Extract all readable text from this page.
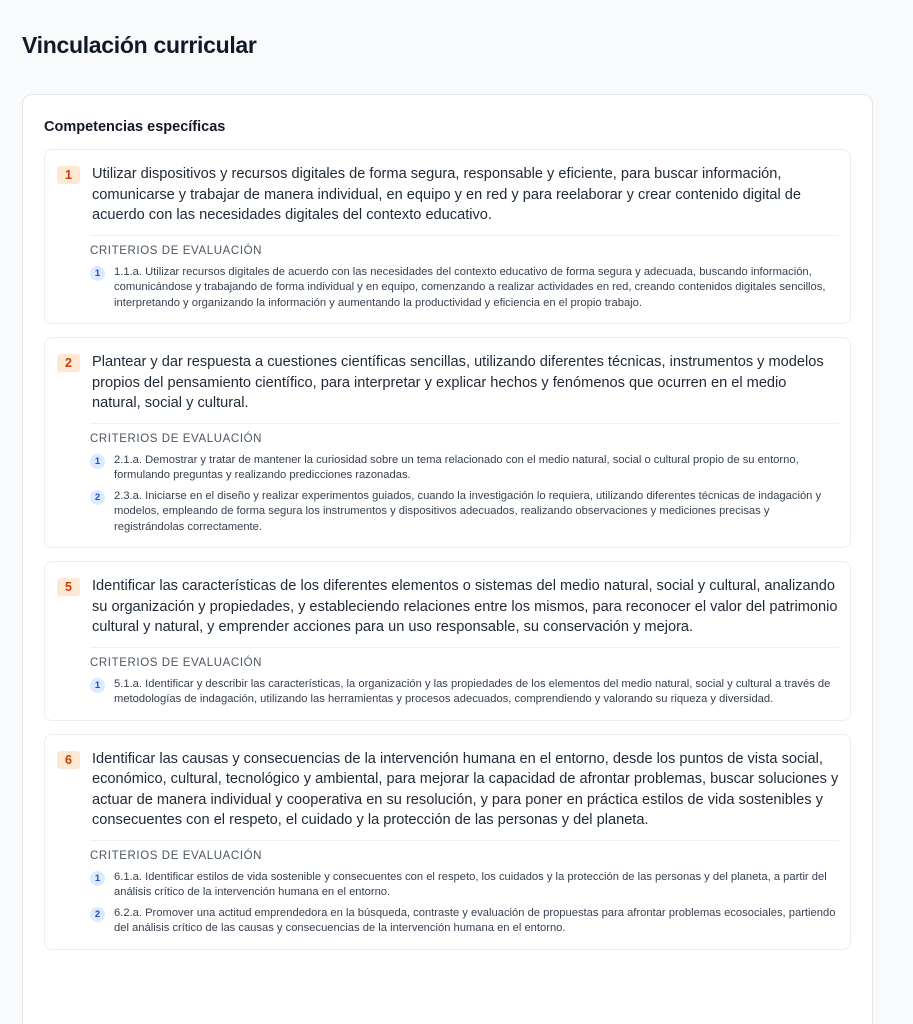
Vinculación curricular
Competencias específicas
1	Utilizar dispositivos y recursos digitales de forma segura, responsable y eficiente, para buscar información, comunicarse y trabajar de manera individual, en equipo y en red y para reelaborar y crear contenido digital de acuerdo con las necesidades digitales del contexto educativo.

CRITERIOS DE EVALUACIÓN
1	1.1.a. Utilizar recursos digitales de acuerdo con las necesidades del contexto educativo de forma segura y adecuada, buscando información, comunicándose y trabajando de forma individual y en equipo, comenzando a realizar actividades en red, creando contenidos digitales sencillos, interpretando y organizando la información y aumentando la productividad y eficiencia en el propio trabajo.

2	Plantear y dar respuesta a cuestiones científicas sencillas, utilizando diferentes técnicas, instrumentos y modelos propios del pensamiento científico, para interpretar y explicar hechos y fenómenos que ocurren en el medio natural, social y cultural.

CRITERIOS DE EVALUACIÓN
1	2.1.a. Demostrar y tratar de mantener la curiosidad sobre un tema relacionado con el medio natural, social o cultural propio de su entorno, formulando preguntas y realizando predicciones razonadas.

2	2.3.a. Iniciarse en el diseño y realizar experimentos guiados, cuando la investigación lo requiera, utilizando diferentes técnicas de indagación y modelos, empleando de forma segura los instrumentos y dispositivos adecuados, realizando observaciones y mediciones precisas y registrándolas correctamente.

5	Identificar las características de los diferentes elementos o sistemas del medio natural, social y cultural, analizando su organización y propiedades, y estableciendo relaciones entre los mismos, para reconocer el valor del patrimonio cultural y natural, y emprender acciones para un uso responsable, su conservación y mejora.

CRITERIOS DE EVALUACIÓN
1	5.1.a. Identificar y describir las características, la organización y las propiedades de los elementos del medio natural, social y cultural a través de metodologías de indagación, utilizando las herramientas y procesos adecuados, comprendiendo y valorando su riqueza y diversidad.

6	Identificar las causas y consecuencias de la intervención humana en el entorno, desde los puntos de vista social, económico, cultural, tecnológico y ambiental, para mejorar la capacidad de afrontar problemas, buscar soluciones y actuar de manera individual y cooperativa en su resolución, y para poner en práctica estilos de vida sostenibles y consecuentes con el respeto, el cuidado y la protección de las personas y del planeta.

CRITERIOS DE EVALUACIÓN
1	6.1.a. Identificar estilos de vida sostenible y consecuentes con el respeto, los cuidados y la protección de las personas y del planeta, a partir del análisis crítico de la intervención humana en el entorno.

2	6.2.a. Promover una actitud emprendedora en la búsqueda, contraste y evaluación de propuestas para afrontar problemas ecosociales, partiendo del análisis crítico de las causas y consecuencias de la intervención humana en el entorno.
